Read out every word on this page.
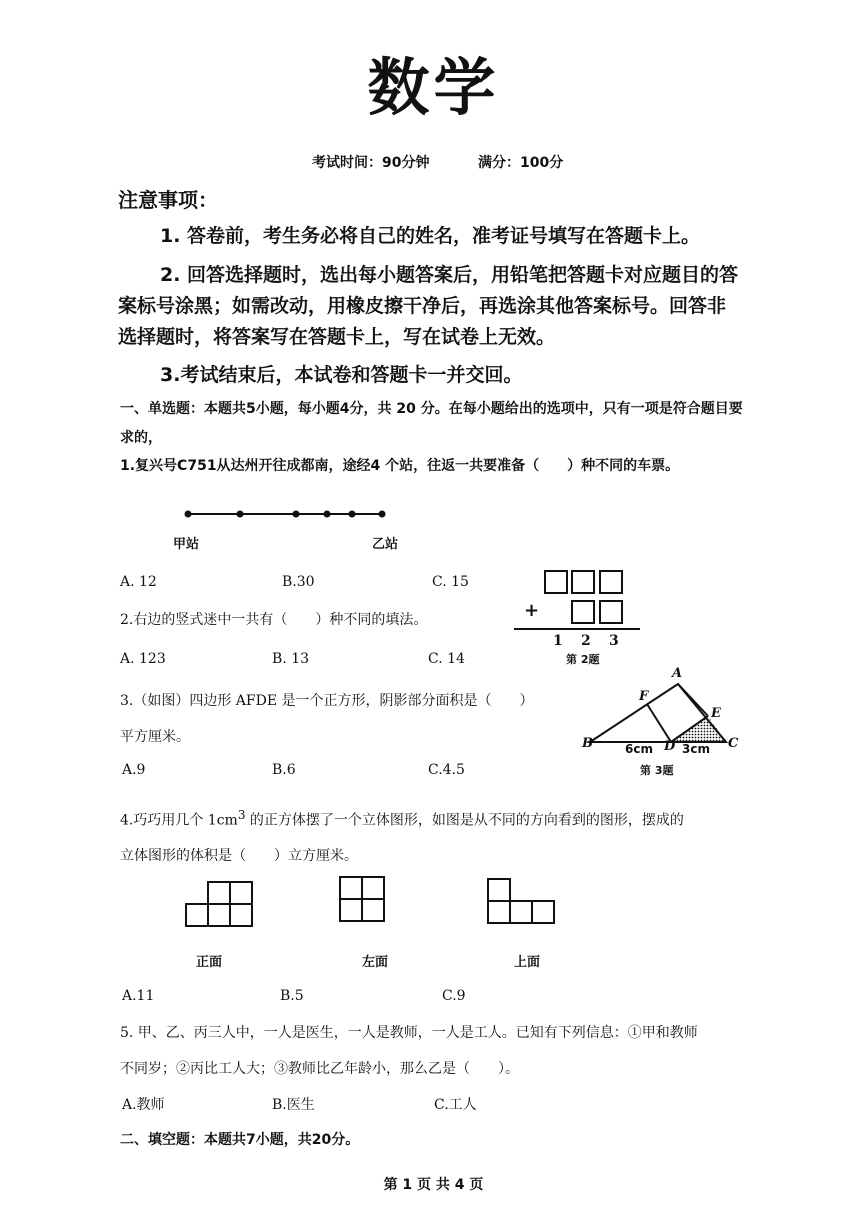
数学
考试时间：90分钟	满分：100分
注意事项：
1. 答卷前，考生务必将自己的姓名，准考证号填写在答题卡上。
2. 回答选择题时，选出每小题答案后，用铅笔把答题卡对应题目的答
案标号涂黑；如需改动，用橡皮擦干净后，再选涂其他答案标号。回答非
选择题时，将答案写在答题卡上，写在试卷上无效。
3.考试结束后，本试卷和答题卡一并交回。
一、单选题：本题共5小题，每小题4分，共 20 分。在每小题给出的选项中，只有一项是符合题目要
求的，
1.复兴号C751从达州开往成都南，途经4 个站，往返一共要准备（　　）种不同的车票。
甲站	乙站
A. 12	B.30	C. 15
+
1 2 3
第 2题
2.右边的竖式迷中一共有（　　）种不同的填法。
A. 123	B. 13	C. 14
3.（如图）四边形 AFDE 是一个正方形，阴影部分面积是（　　）
平方厘米。
A
F
E
B	D	C
6cm 3cm
第 3题
A.9	B.6	C.4.5
4.巧巧用几个 $1cm^3$ 的正方体摆了一个立体图形，如图是从不同的方向看到的图形，摆成的
立体图形的体积是（　　）立方厘米。
正面	左面	上面
A.11	B.5	C.9
5. 甲、乙、丙三人中，一人是医生，一人是教师，一人是工人。已知有下列信息：①甲和教师
不同岁；②丙比工人大；③教师比乙年龄小，那么乙是（　　）。
A.教师	B.医生	C.工人
二、填空题：本题共7小题，共20分。
第 1 页 共 4 页
